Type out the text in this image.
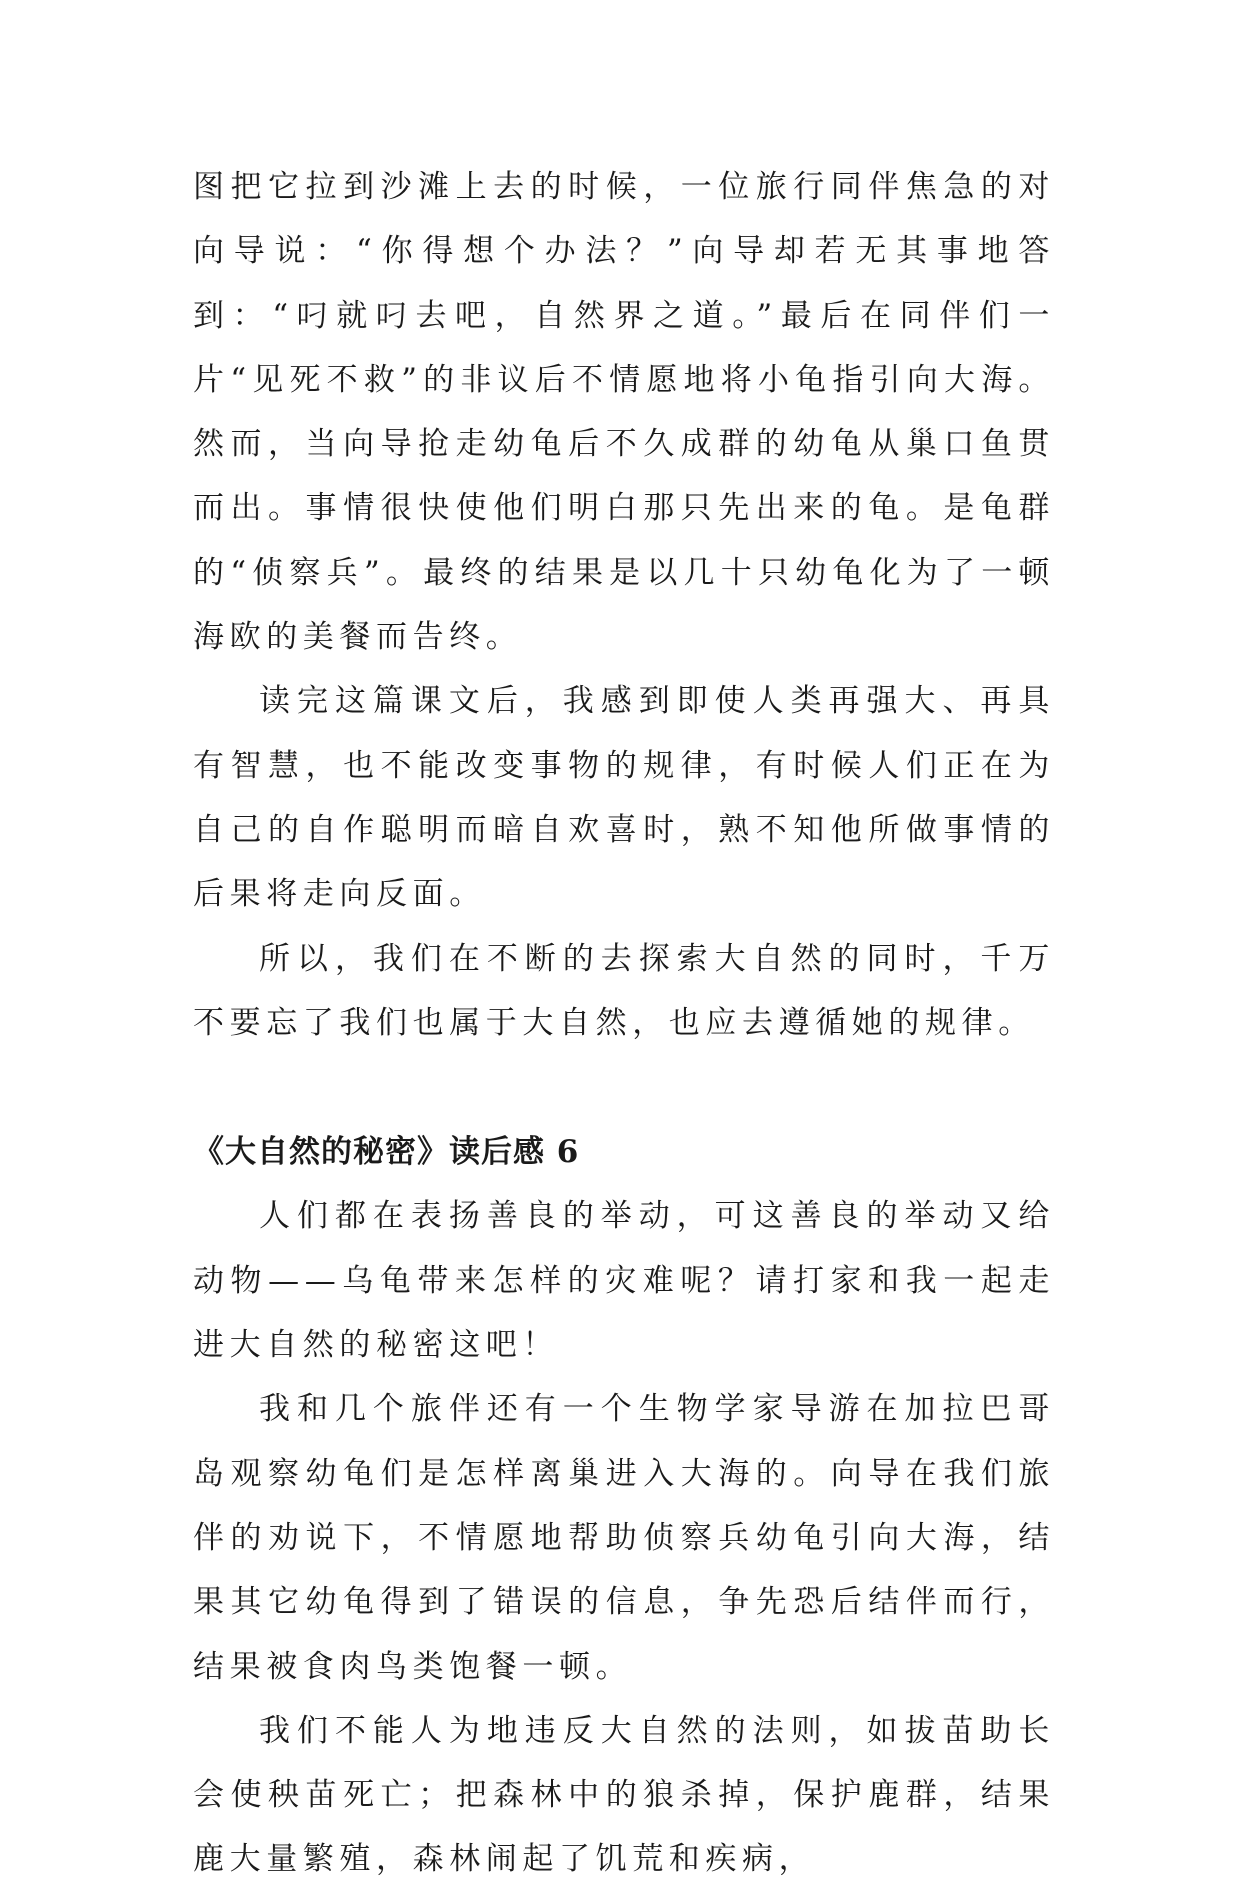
图把它拉到沙滩上去的时候，一位旅行同伴焦急的对向导说：“你得想个办法？”向导却若无其事地答到：“叼就叼去吧，自然界之道。”最后在同伴们一片“见死不救”的非议后不情愿地将小龟指引向大海。然而，当向导抢走幼龟后不久成群的幼龟从巢口鱼贯而出。事情很快使他们明白那只先出来的龟。是龟群的“侦察兵”。最终的结果是以几十只幼龟化为了一顿海欧的美餐而告终。

读完这篇课文后，我感到即使人类再强大、再具有智慧，也不能改变事物的规律，有时候人们正在为自己的自作聪明而暗自欢喜时，熟不知他所做事情的后果将走向反面。

所以，我们在不断的去探索大自然的同时，千万不要忘了我们也属于大自然，也应去遵循她的规律。

《大自然的秘密》读后感 6

人们都在表扬善良的举动，可这善良的举动又给动物——乌龟带来怎样的灾难呢？请打家和我一起走进大自然的秘密这吧！

我和几个旅伴还有一个生物学家导游在加拉巴哥岛观察幼龟们是怎样离巢进入大海的。向导在我们旅伴的劝说下，不情愿地帮助侦察兵幼龟引向大海，结果其它幼龟得到了错误的信息，争先恐后结伴而行，结果被食肉鸟类饱餐一顿。

我们不能人为地违反大自然的法则，如拔苗助长会使秧苗死亡；把森林中的狼杀掉，保护鹿群，结果鹿大量繁殖，森林闹起了饥荒和疾病，
